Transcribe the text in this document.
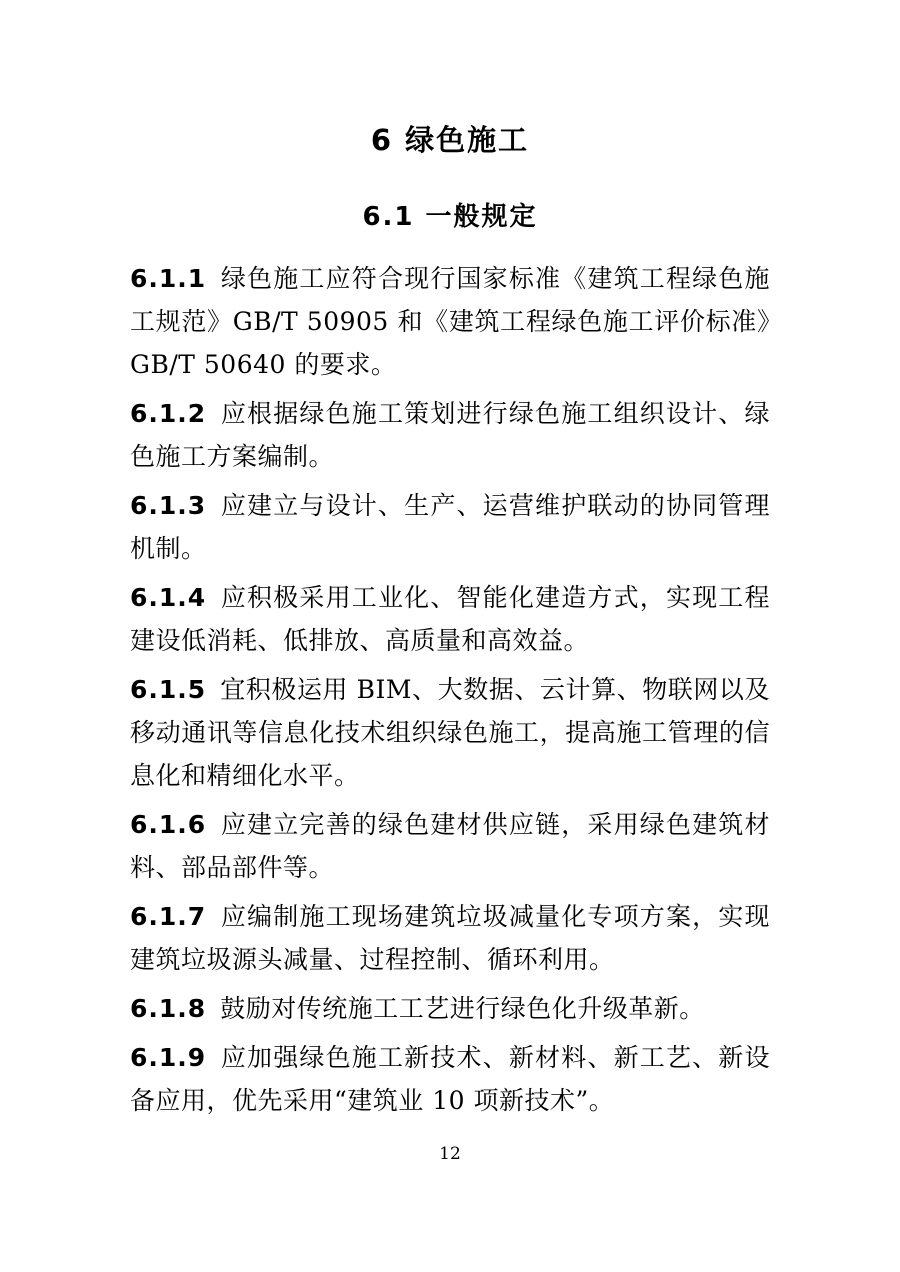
6 绿色施工
6.1 一般规定

6.1.1 绿色施工应符合现行国家标准《建筑工程绿色施工规范》GB/T 50905 和《建筑工程绿色施工评价标准》GB/T 50640 的要求。

6.1.2 应根据绿色施工策划进行绿色施工组织设计、绿色施工方案编制。

6.1.3 应建立与设计、生产、运营维护联动的协同管理机制。

6.1.4 应积极采用工业化、智能化建造方式，实现工程建设低消耗、低排放、高质量和高效益。

6.1.5 宜积极运用 BIM、大数据、云计算、物联网以及移动通讯等信息化技术组织绿色施工，提高施工管理的信息化和精细化水平。

6.1.6 应建立完善的绿色建材供应链，采用绿色建筑材料、部品部件等。

6.1.7 应编制施工现场建筑垃圾减量化专项方案，实现建筑垃圾源头减量、过程控制、循环利用。

6.1.8 鼓励对传统施工工艺进行绿色化升级革新。

6.1.9 应加强绿色施工新技术、新材料、新工艺、新设备应用，优先采用“建筑业 10 项新技术”。

12
